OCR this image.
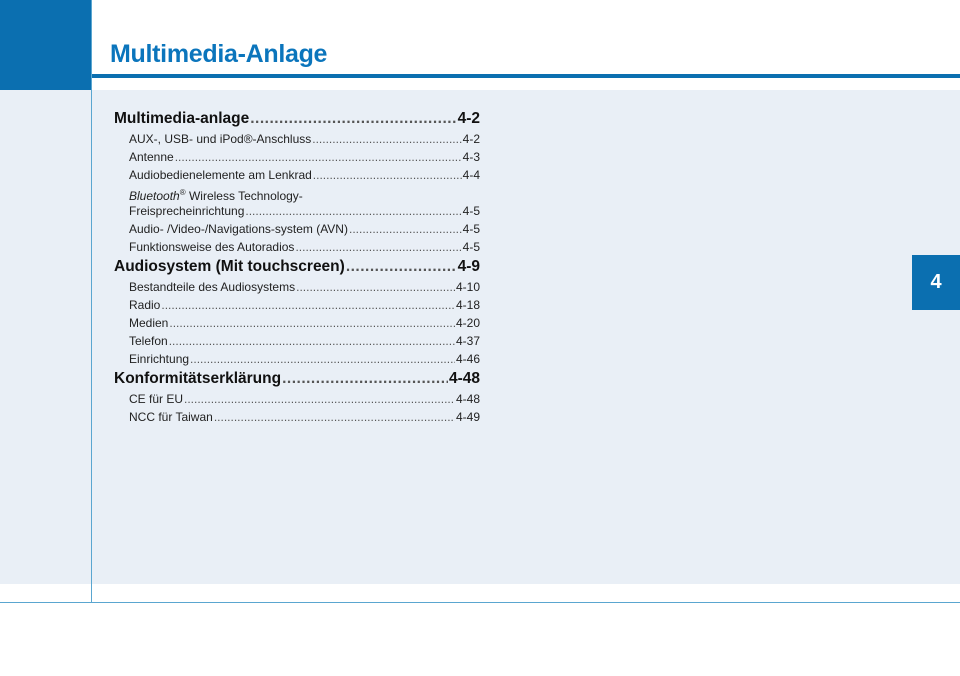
Multimedia-Anlage
4
Multimedia-anlage .....	4-2
AUX-, USB- und iPod®-Anschluss .....	4-2
Antenne .....	4-3
Audiobedienelemente am Lenkrad .....	4-4
Bluetooth® Wireless Technology-
Freisprecheinrichtung .....	4-5
Audio- /Video-/Navigations-system (AVN) .....	4-5
Funktionsweise des Autoradios .....	4-5
Audiosystem (Mit touchscreen) .....	4-9
Bestandteile des Audiosystems .....	4-10
Radio .....	4-18
Medien .....	4-20
Telefon .....	4-37
Einrichtung .....	4-46
Konformitätserklärung .....	4-48
CE für EU .....	4-48
NCC für Taiwan .....	4-49
